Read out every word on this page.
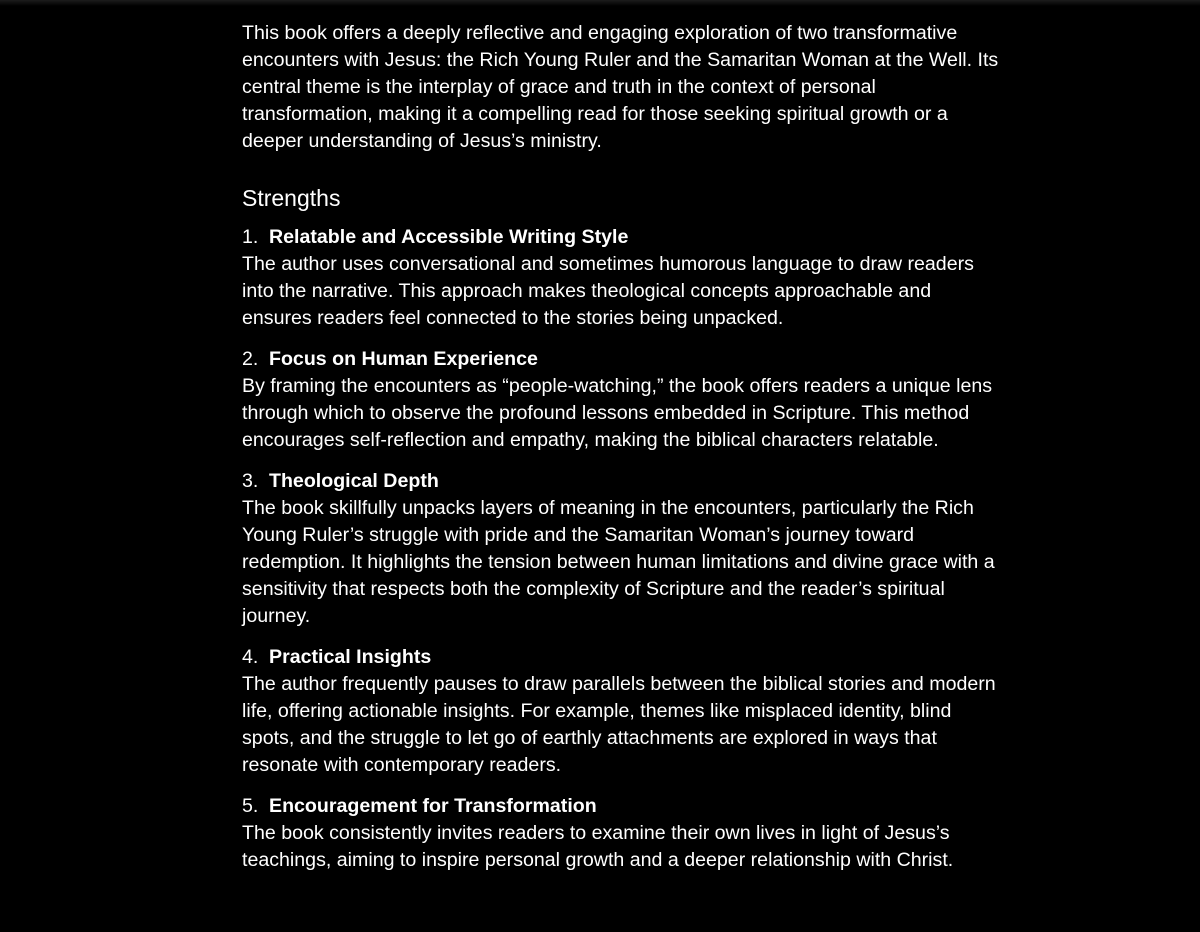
This book offers a deeply reflective and engaging exploration of two transformative encounters with Jesus: the Rich Young Ruler and the Samaritan Woman at the Well. Its central theme is the interplay of grace and truth in the context of personal transformation, making it a compelling read for those seeking spiritual growth or a deeper understanding of Jesus’s ministry.

Strengths
1. Relatable and Accessible Writing Style
The author uses conversational and sometimes humorous language to draw readers into the narrative. This approach makes theological concepts approachable and ensures readers feel connected to the stories being unpacked.
2. Focus on Human Experience
By framing the encounters as “people-watching,” the book offers readers a unique lens through which to observe the profound lessons embedded in Scripture. This method encourages self-reflection and empathy, making the biblical characters relatable.
3. Theological Depth
The book skillfully unpacks layers of meaning in the encounters, particularly the Rich Young Ruler’s struggle with pride and the Samaritan Woman’s journey toward redemption. It highlights the tension between human limitations and divine grace with a sensitivity that respects both the complexity of Scripture and the reader’s spiritual journey.
4. Practical Insights
The author frequently pauses to draw parallels between the biblical stories and modern life, offering actionable insights. For example, themes like misplaced identity, blind spots, and the struggle to let go of earthly attachments are explored in ways that resonate with contemporary readers.
5. Encouragement for Transformation
The book consistently invites readers to examine their own lives in light of Jesus’s teachings, aiming to inspire personal growth and a deeper relationship with Christ.
